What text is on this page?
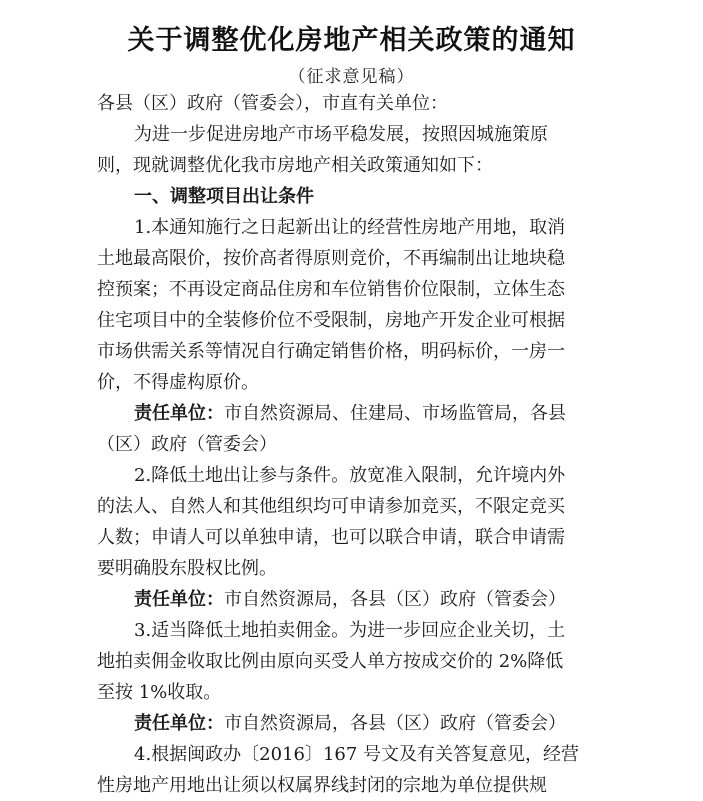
关于调整优化房地产相关政策的通知

（征求意见稿）

各县（区）政府（管委会），市直有关单位：

为进一步促进房地产市场平稳发展，按照因城施策原

则，现就调整优化我市房地产相关政策通知如下：

一、调整项目出让条件

1.本通知施行之日起新出让的经营性房地产用地，取消

土地最高限价，按价高者得原则竞价，不再编制出让地块稳

控预案；不再设定商品住房和车位销售价位限制，立体生态

住宅项目中的全装修价位不受限制，房地产开发企业可根据

市场供需关系等情况自行确定销售价格，明码标价，一房一

价，不得虚构原价。

责任单位：市自然资源局、住建局、市场监管局，各县

（区）政府（管委会）

2.降低土地出让参与条件。放宽准入限制，允许境内外

的法人、自然人和其他组织均可申请参加竞买，不限定竞买

人数；申请人可以单独申请，也可以联合申请，联合申请需

要明确股东股权比例。

责任单位：市自然资源局，各县（区）政府（管委会）

3.适当降低土地拍卖佣金。为进一步回应企业关切，土

地拍卖佣金收取比例由原向买受人单方按成交价的 2%降低

至按 1%收取。

责任单位：市自然资源局，各县（区）政府（管委会）

4.根据闽政办〔2016〕167 号文及有关答复意见，经营

性房地产用地出让须以权属界线封闭的宗地为单位提供规
